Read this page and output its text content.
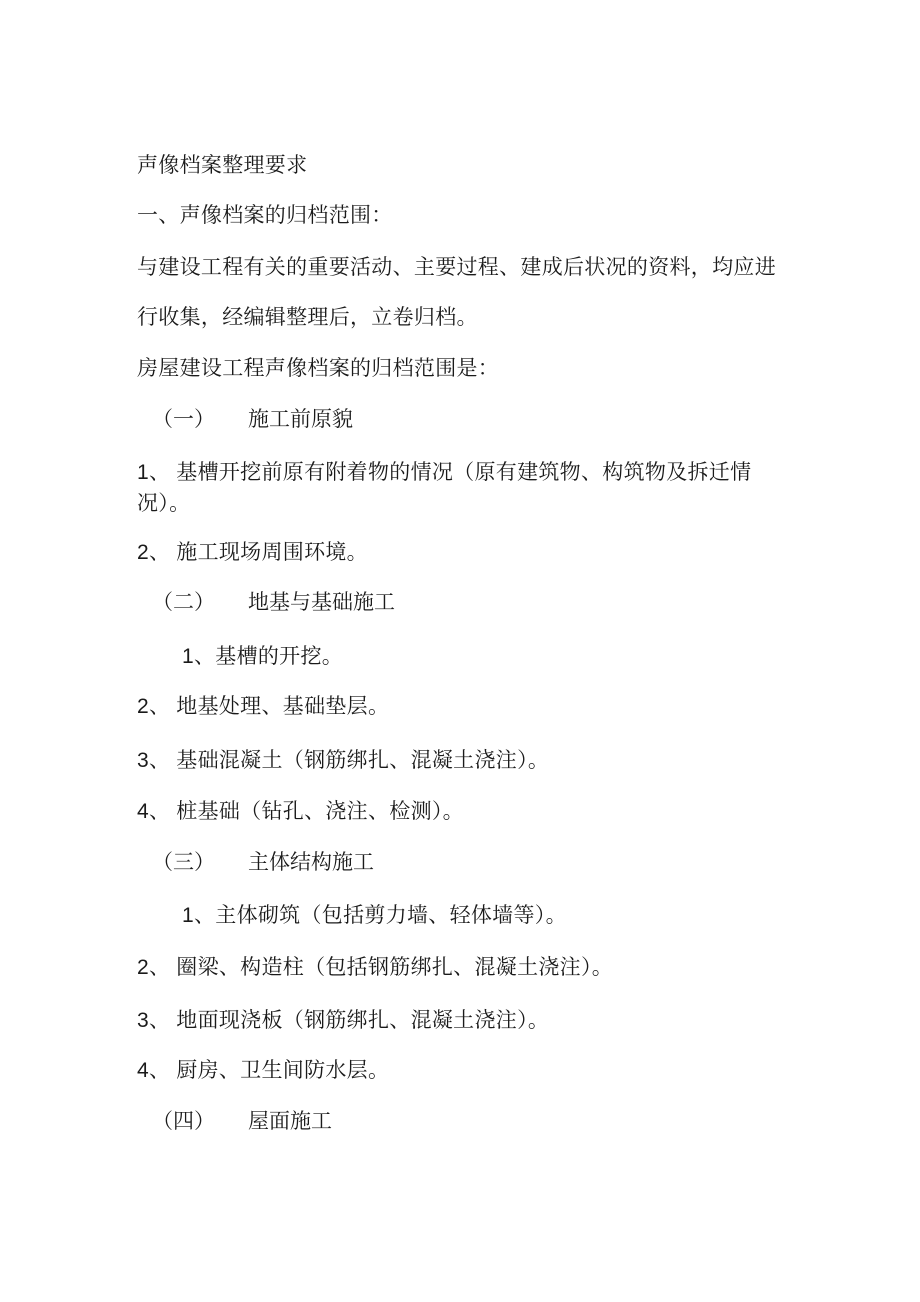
声像档案整理要求
一、声像档案的归档范围：
与建设工程有关的重要活动、主要过程、建成后状况的资料，均应进
行收集，经编辑整理后，立卷归档。
房屋建设工程声像档案的归档范围是：
（一） 施工前原貌
1、 基槽开挖前原有附着物的情况（原有建筑物、构筑物及拆迁情况）。
2、 施工现场周围环境。
（二） 地基与基础施工
1、基槽的开挖。
2、 地基处理、基础垫层。
3、 基础混凝土（钢筋绑扎、混凝土浇注）。
4、 桩基础（钻孔、浇注、检测）。
（三） 主体结构施工
1、主体砌筑（包括剪力墙、轻体墙等）。
2、 圈梁、构造柱（包括钢筋绑扎、混凝土浇注）。
3、 地面现浇板（钢筋绑扎、混凝土浇注）。
4、 厨房、卫生间防水层。
（四） 屋面施工
